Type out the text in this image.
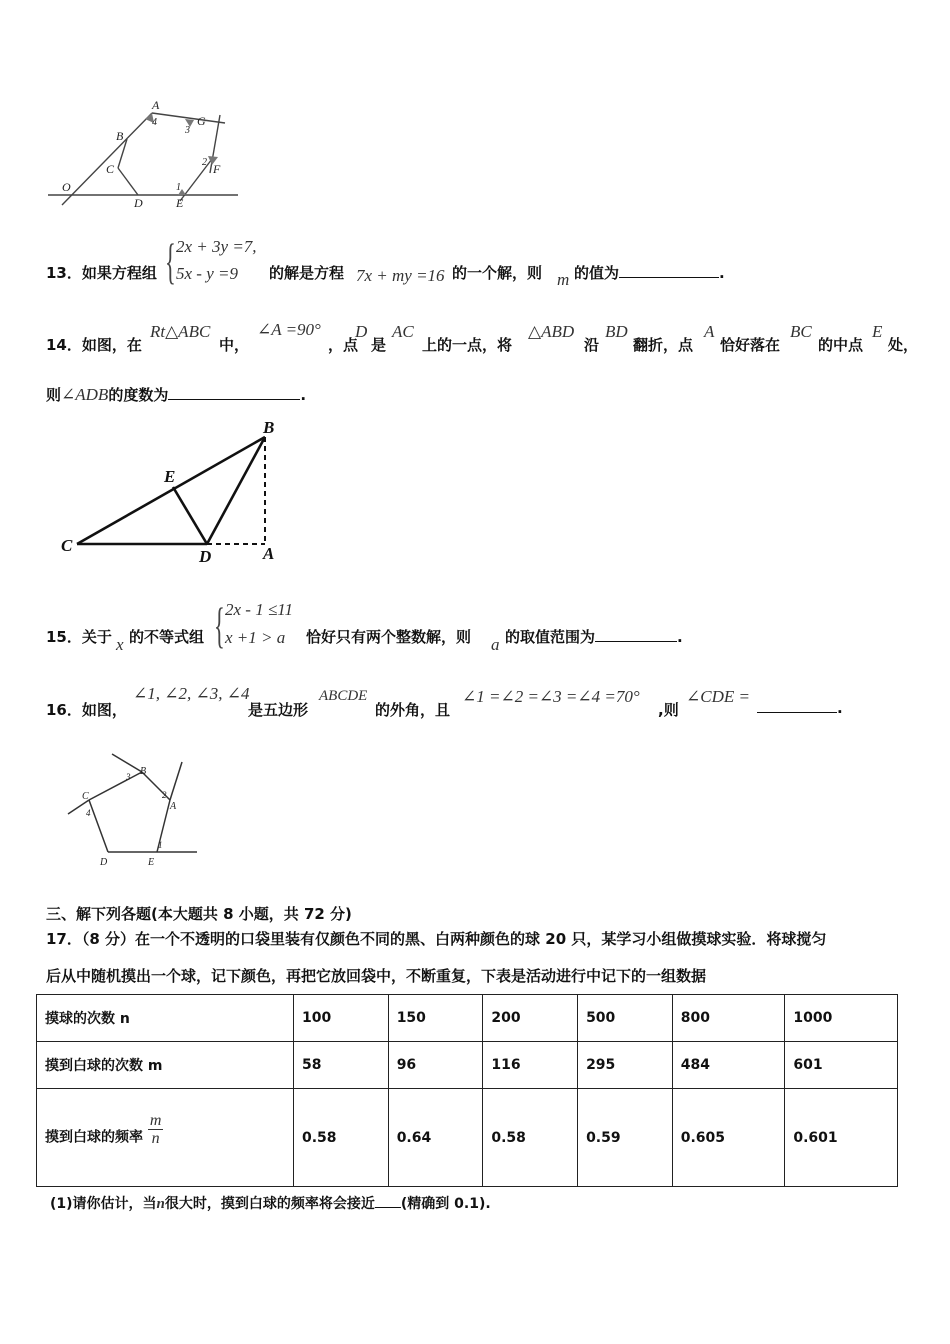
A
4	G
3
B
C	2 F
O
D
1
E
13．如果方程组 { 2x + 3y =7,
5x - y =9 的解是方程 7x + my =16 的一个解，则 m 的值为	.
14．如图，在
Rt△ABC
中，
∠A =90°
，点
D
是
AC
上的一点，将
△ABD
沿
BD
翻折，点
A
恰好落在
BC
的中点
E
处，
则∠ADB的度数为	.
B
E
C
D	A
15．关于 x 的不等式组 { 2x - 1 ≤11
x +1 > a 恰好只有两个整数解，则 a 的取值范围为	.
16．如图，
∠1, ∠2, ∠3, ∠4
是五边形
ABCDE
的外角，且
∠1 =∠2 =∠3 =∠4 =70°
,则
∠CDE =
.
B
3
C
4
2
A
1
D	E
三、解下列各题(本大题共 8 小题，共 72 分)
17．（8 分）在一个不透明的口袋里装有仅颜色不同的黑、白两种颜色的球 20 只，某学习小组做摸球实验．将球搅匀
后从中随机摸出一个球，记下颜色，再把它放回袋中，不断重复，下表是活动进行中记下的一组数据
摸球的次数 n	100	150	200	500	800	1000
摸到白球的次数 m	58	96	116	295	484	601
摸到白球的频率 $\frac{m}{n}$	0.58	0.64	0.58	0.59	0.605	0.601
(1)请你估计，当n很大时，摸到白球的频率将会接近 (精确到 0.1).
